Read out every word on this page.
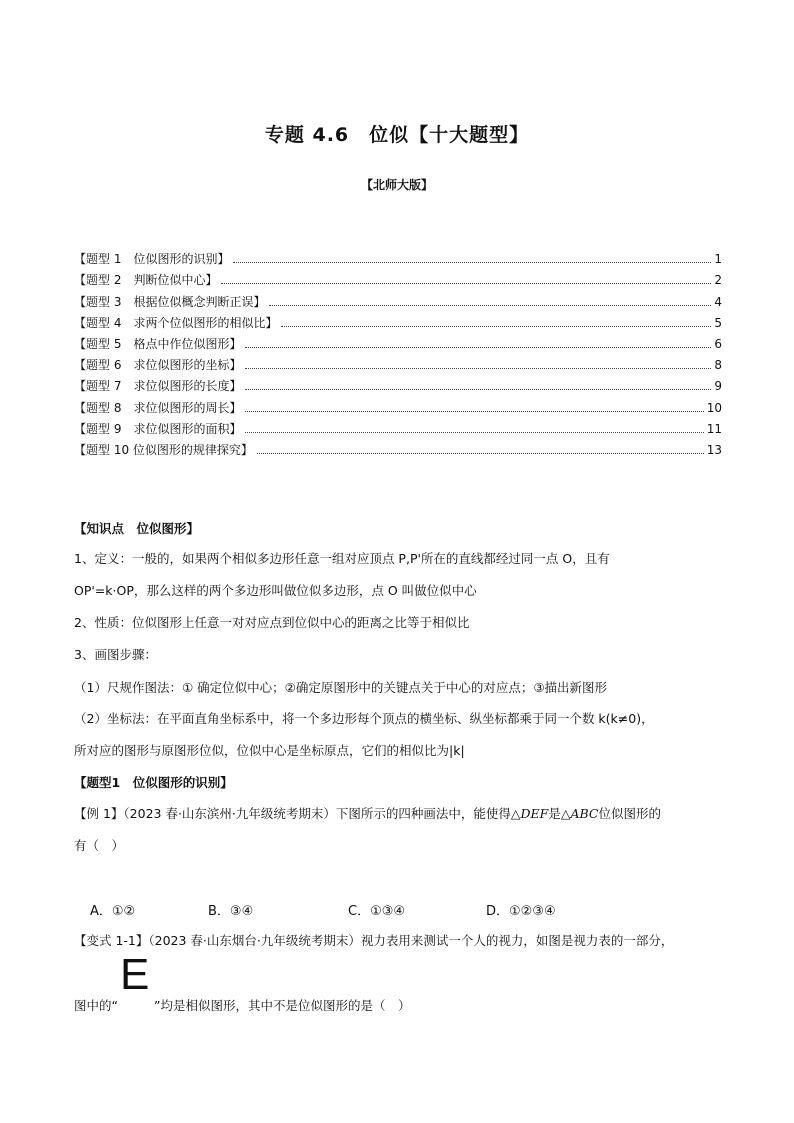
专题 4.6　位似【十大题型】
【北师大版】
【题型 1　位似图形的识别】	1
【题型 2　判断位似中心】	2
【题型 3　根据位似概念判断正误】	4
【题型 4　求两个位似图形的相似比】	5
【题型 5　格点中作位似图形】	6
【题型 6　求位似图形的坐标】	8
【题型 7　求位似图形的长度】	9
【题型 8　求位似图形的周长】	10
【题型 9　求位似图形的面积】	11
【题型 10 位似图形的规律探究】	13
【知识点　位似图形】
1、定义：一般的，如果两个相似多边形任意一组对应顶点 P,P'所在的直线都经过同一点 O，且有
OP'=k·OP，那么这样的两个多边形叫做位似多边形，点 O 叫做位似中心
2、性质：位似图形上任意一对对应点到位似中心的距离之比等于相似比
3、画图步骤：
（1）尺规作图法：① 确定位似中心；②确定原图形中的关键点关于中心的对应点；③描出新图形
（2）坐标法：在平面直角坐标系中，将一个多边形每个顶点的横坐标、纵坐标都乘于同一个数 k(k≠0)，
所对应的图形与原图形位似，位似中心是坐标原点，它们的相似比为|k|
【题型1　位似图形的识别】
【例 1】（2023 春·山东滨州·九年级统考期末）下图所示的四种画法中，能使得△DEF是△ABC位似图形的
有（　）
A．①②	B．③④	C．①③④	D．①②③④
【变式 1-1】（2023 春·山东烟台·九年级统考期末）视力表用来测试一个人的视力，如图是视力表的一部分，
E
图中的“	”均是相似图形，其中不是位似图形的是（　）
